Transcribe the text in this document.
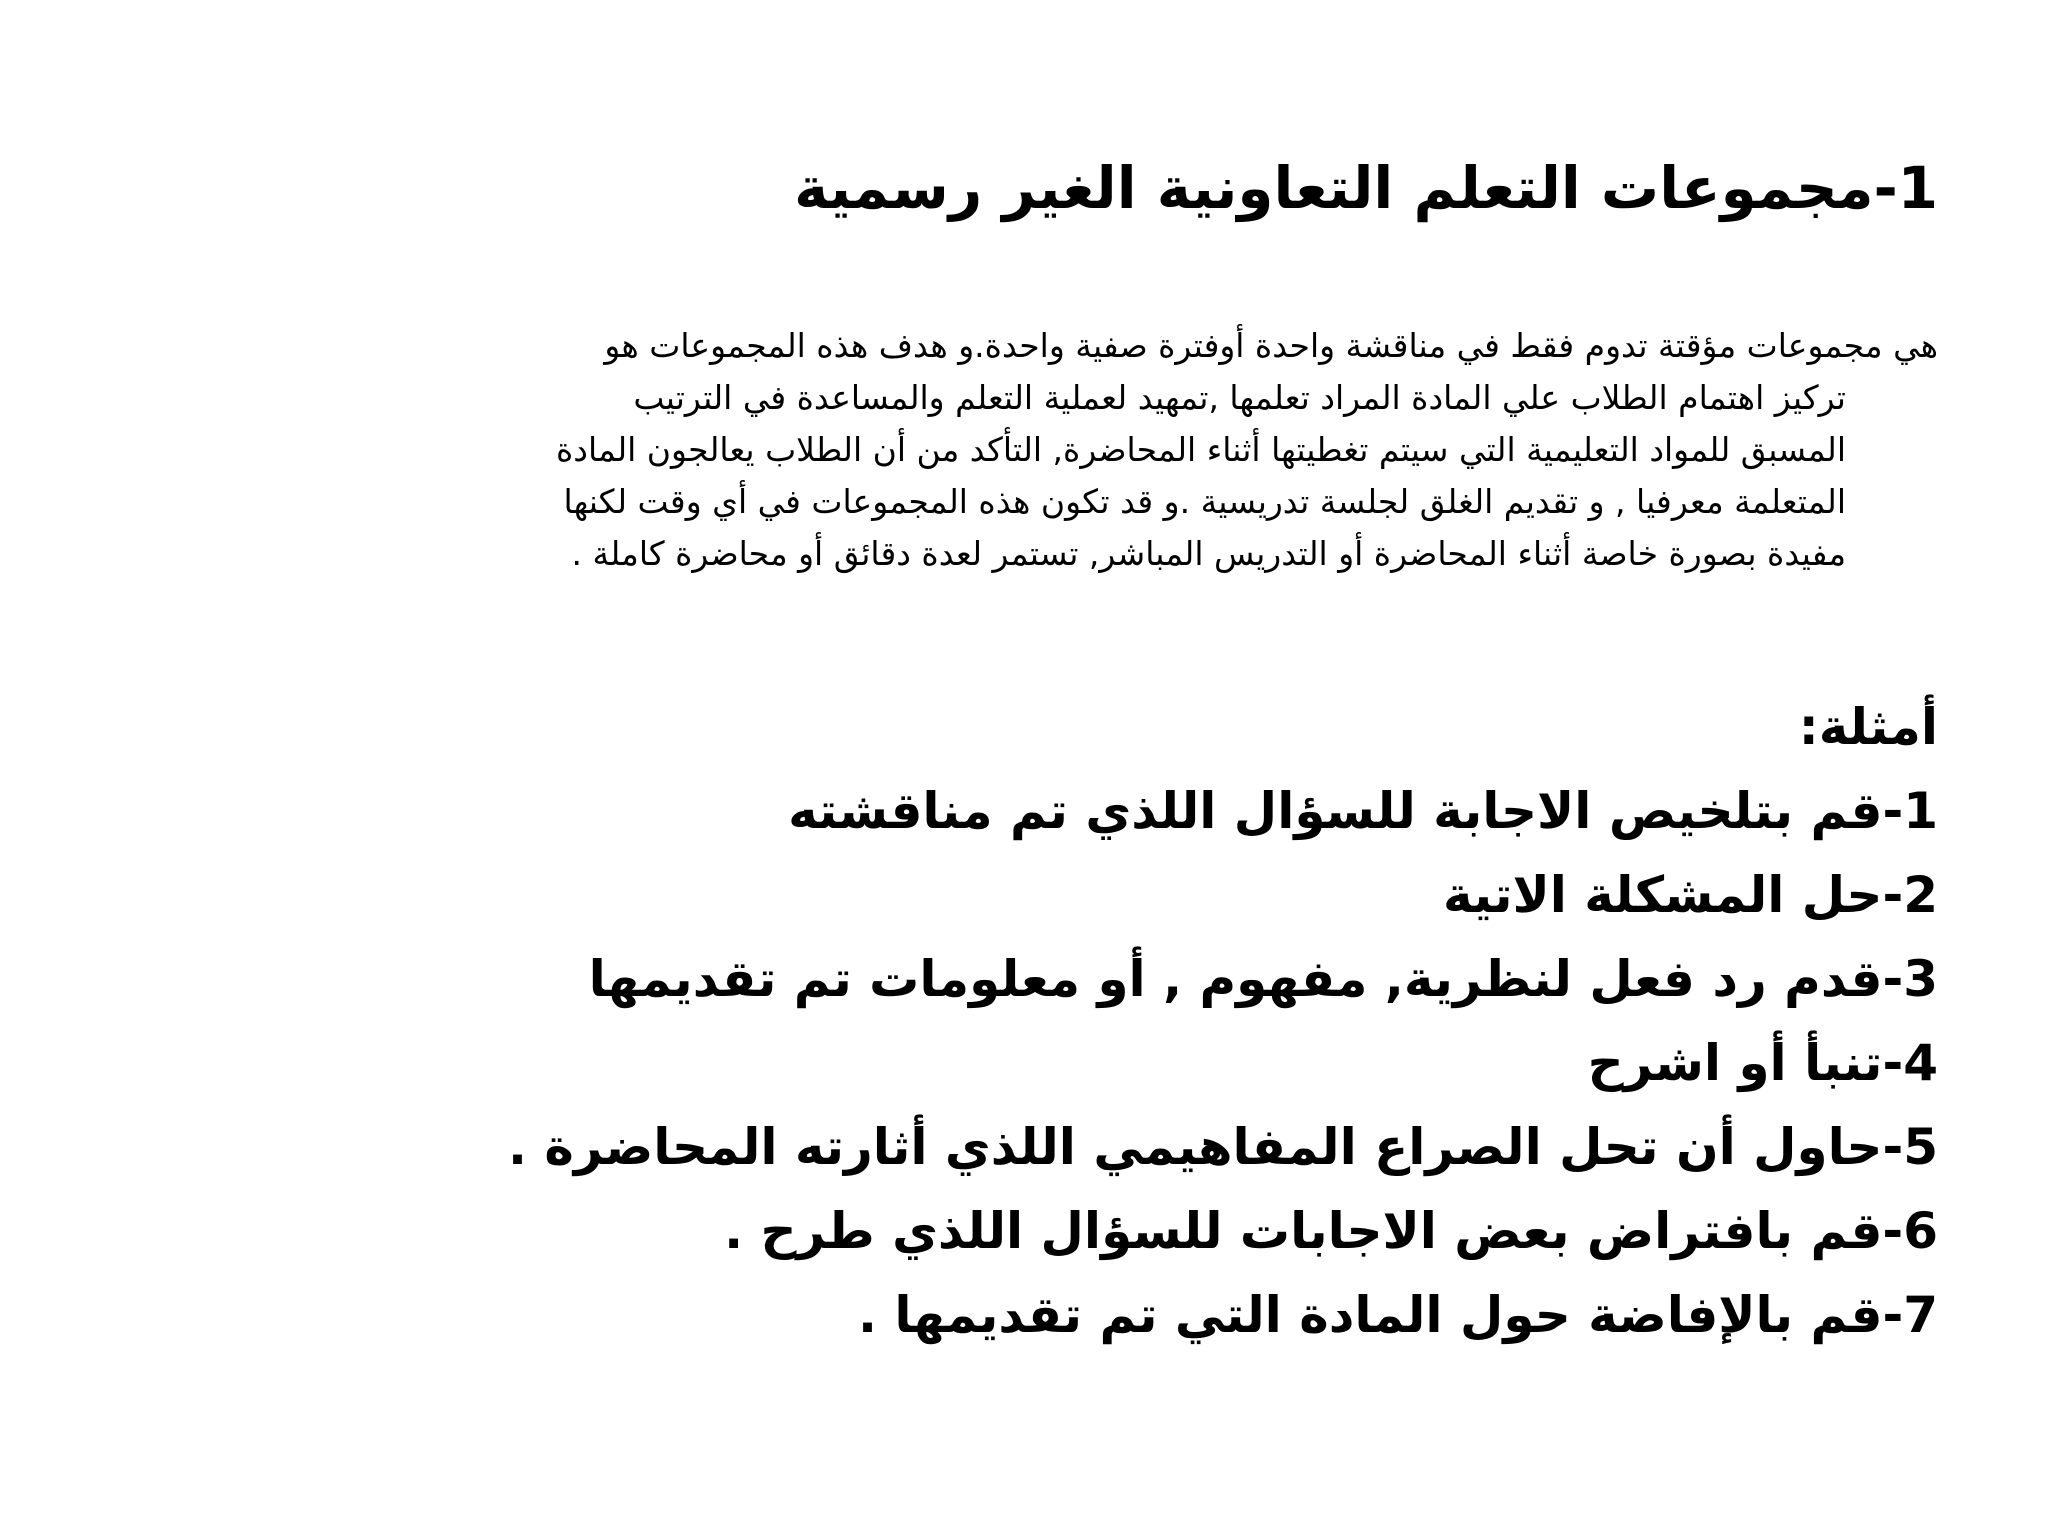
1-مجموعات التعلم التعاونية الغير رسمية
هي مجموعات مؤقتة تدوم فقط في مناقشة واحدة أوفترة صفية واحدة.و هدف هذه المجموعات هو
تركيز اهتمام الطلاب علي المادة المراد تعلمها ,تمهيد لعملية التعلم والمساعدة في الترتيب
المسبق للمواد التعليمية التي سيتم تغطيتها أثناء المحاضرة, التأكد من أن الطلاب يعالجون المادة
المتعلمة معرفيا , و تقديم الغلق لجلسة تدريسية .و قد تكون هذه المجموعات في أي وقت لكنها
مفيدة بصورة خاصة أثناء المحاضرة أو التدريس المباشر, تستمر لعدة دقائق أو محاضرة كاملة .
أمثلة:
1-قم بتلخيص الاجابة للسؤال اللذي تم مناقشته
2-حل المشكلة الاتية
3-قدم رد فعل لنظرية, مفهوم , أو معلومات تم تقديمها
4-تنبأ أو اشرح
5-حاول أن تحل الصراع المفاهيمي اللذي أثارته المحاضرة .
6-قم بافتراض بعض الاجابات للسؤال اللذي طرح .
7-قم بالإفاضة حول المادة التي تم تقديمها .
